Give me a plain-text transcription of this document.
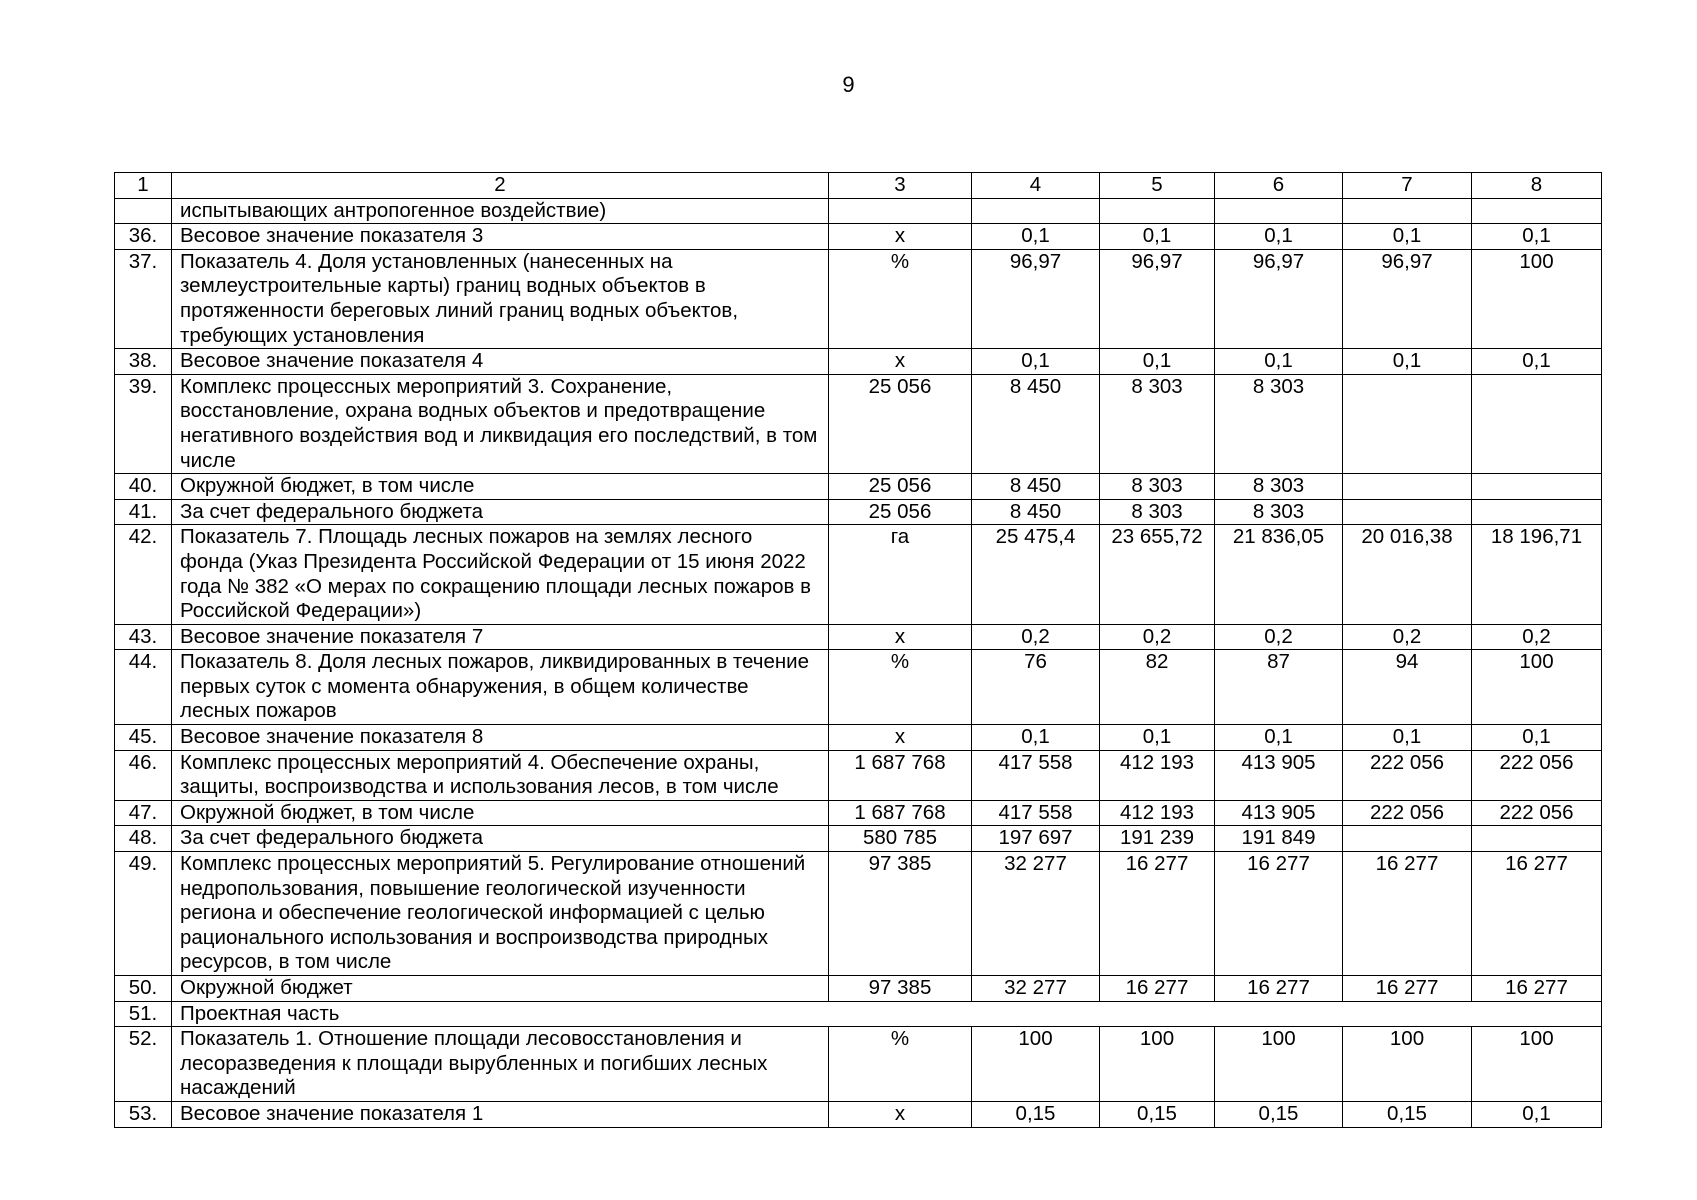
9
1	2	3	4	5	6	7	8
	испытывающих антропогенное воздействие)						
36.	Весовое значение показателя 3	х	0,1	0,1	0,1	0,1	0,1
37.	Показатель 4. Доля установленных (нанесенных на землеустроительные карты) границ водных объектов в протяженности береговых линий границ водных объектов, требующих установления	%	96,97	96,97	96,97	96,97	100
38.	Весовое значение показателя 4	х	0,1	0,1	0,1	0,1	0,1
39.	Комплекс процессных мероприятий 3. Сохранение, восстановление, охрана водных объектов и предотвращение негативного воздействия вод и ликвидация его последствий, в том числе	25 056	8 450	8 303	8 303		
40.	Окружной бюджет, в том числе	25 056	8 450	8 303	8 303		
41.	За счет федерального бюджета	25 056	8 450	8 303	8 303		
42.	Показатель 7. Площадь лесных пожаров на землях лесного фонда (Указ Президента Российской Федерации от 15 июня 2022 года № 382 «О мерах по сокращению площади лесных пожаров в Российской Федерации»)	га	25 475,4	23 655,72	21 836,05	20 016,38	18 196,71
43.	Весовое значение показателя 7	х	0,2	0,2	0,2	0,2	0,2
44.	Показатель 8. Доля лесных пожаров, ликвидированных в течение первых суток с момента обнаружения, в общем количестве лесных пожаров	%	76	82	87	94	100
45.	Весовое значение показателя 8	х	0,1	0,1	0,1	0,1	0,1
46.	Комплекс процессных мероприятий 4. Обеспечение охраны, защиты, воспроизводства и использования лесов, в том числе	1 687 768	417 558	412 193	413 905	222 056	222 056
47.	Окружной бюджет, в том числе	1 687 768	417 558	412 193	413 905	222 056	222 056
48.	За счет федерального бюджета	580 785	197 697	191 239	191 849		
49.	Комплекс процессных мероприятий 5. Регулирование отношений недропользования, повышение геологической изученности региона и обеспечение геологической информацией с целью рационального использования и воспроизводства природных ресурсов, в том числе	97 385	32 277	16 277	16 277	16 277	16 277
50.	Окружной бюджет	97 385	32 277	16 277	16 277	16 277	16 277
51.	Проектная часть						
52.	Показатель 1. Отношение площади лесовосстановления и лесоразведения к площади вырубленных и погибших лесных насаждений	%	100	100	100	100	100
53.	Весовое значение показателя 1	х	0,15	0,15	0,15	0,15	0,1
